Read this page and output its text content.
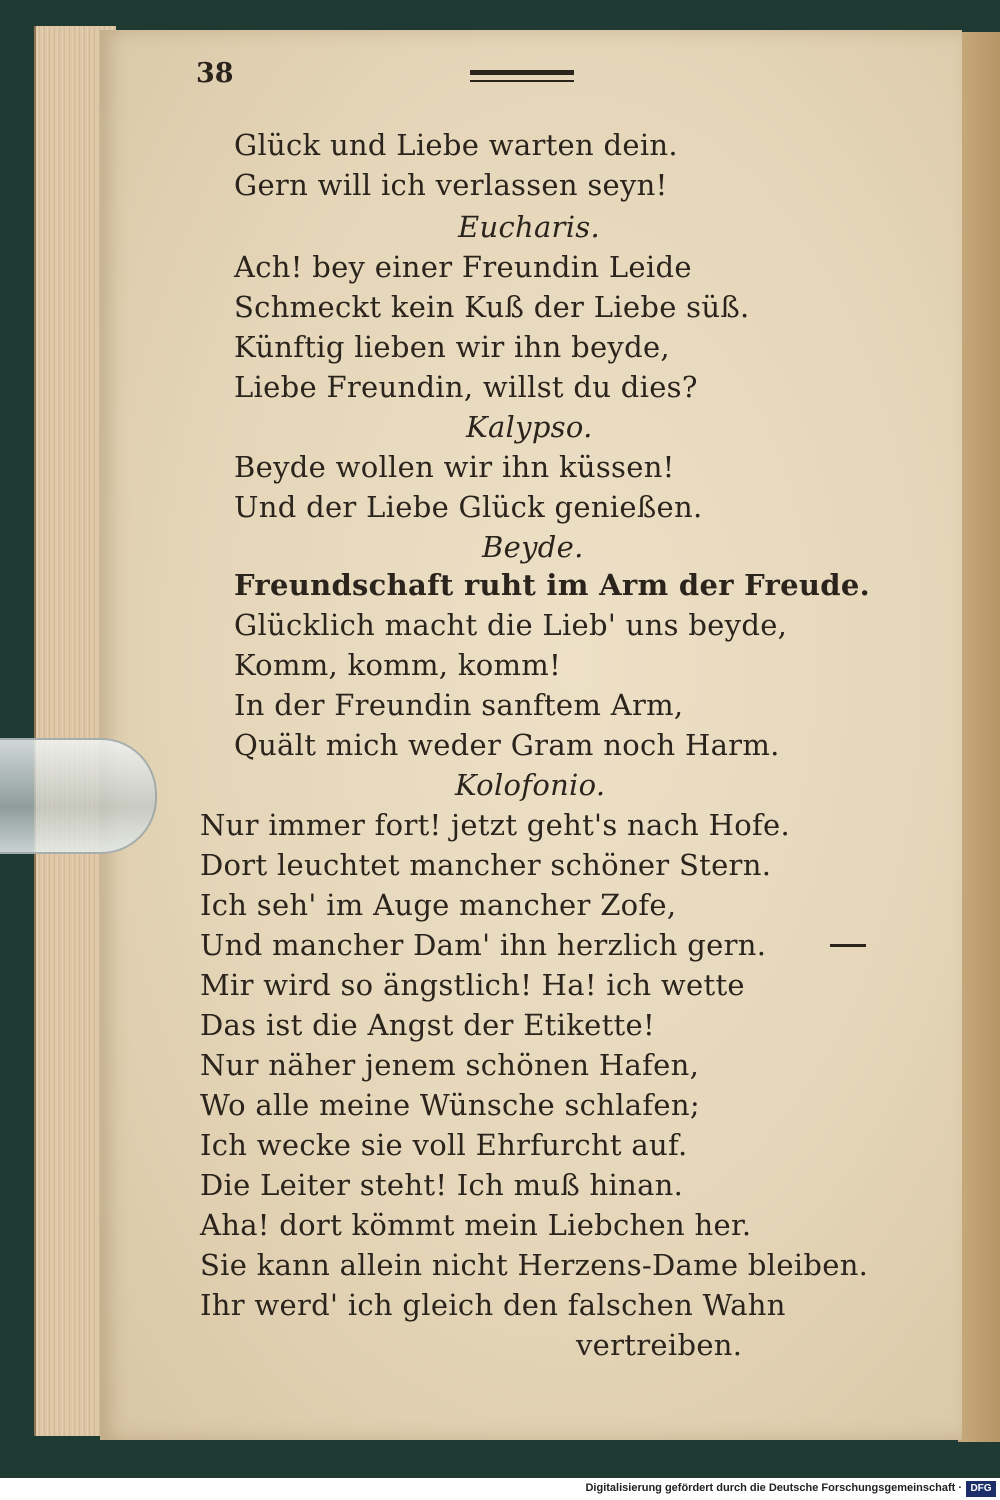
38
Glück und Liebe warten dein.
Gern will ich verlassen seyn!
Eucharis.
Ach! bey einer Freundin Leide
Schmeckt kein Kuß der Liebe süß.
Künftig lieben wir ihn beyde,
Liebe Freundin, willst du dies?
Kalypso.
Beyde wollen wir ihn küssen!
Und der Liebe Glück genießen.
Beyde.
Freundschaft ruht im Arm der Freude.
Glücklich macht die Lieb' uns beyde,
Komm, komm, komm!
In der Freundin sanftem Arm,
Quält mich weder Gram noch Harm.
Kolofonio.
Nur immer fort! jetzt geht's nach Hofe.
Dort leuchtet mancher schöner Stern.
Ich seh' im Auge mancher Zofe,
Und mancher Dam' ihn herzlich gern.
Mir wird so ängstlich! Ha! ich wette
Das ist die Angst der Etikette!
Nur näher jenem schönen Hafen,
Wo alle meine Wünsche schlafen;
Ich wecke sie voll Ehrfurcht auf.
Die Leiter steht! Ich muß hinan.
Aha! dort kömmt mein Liebchen her.
Sie kann allein nicht Herzens-Dame bleiben.
Ihr werd' ich gleich den falschen Wahn
vertreiben.
Digitalisierung gefördert durch die Deutsche Forschungsgemeinschaft · DFG
